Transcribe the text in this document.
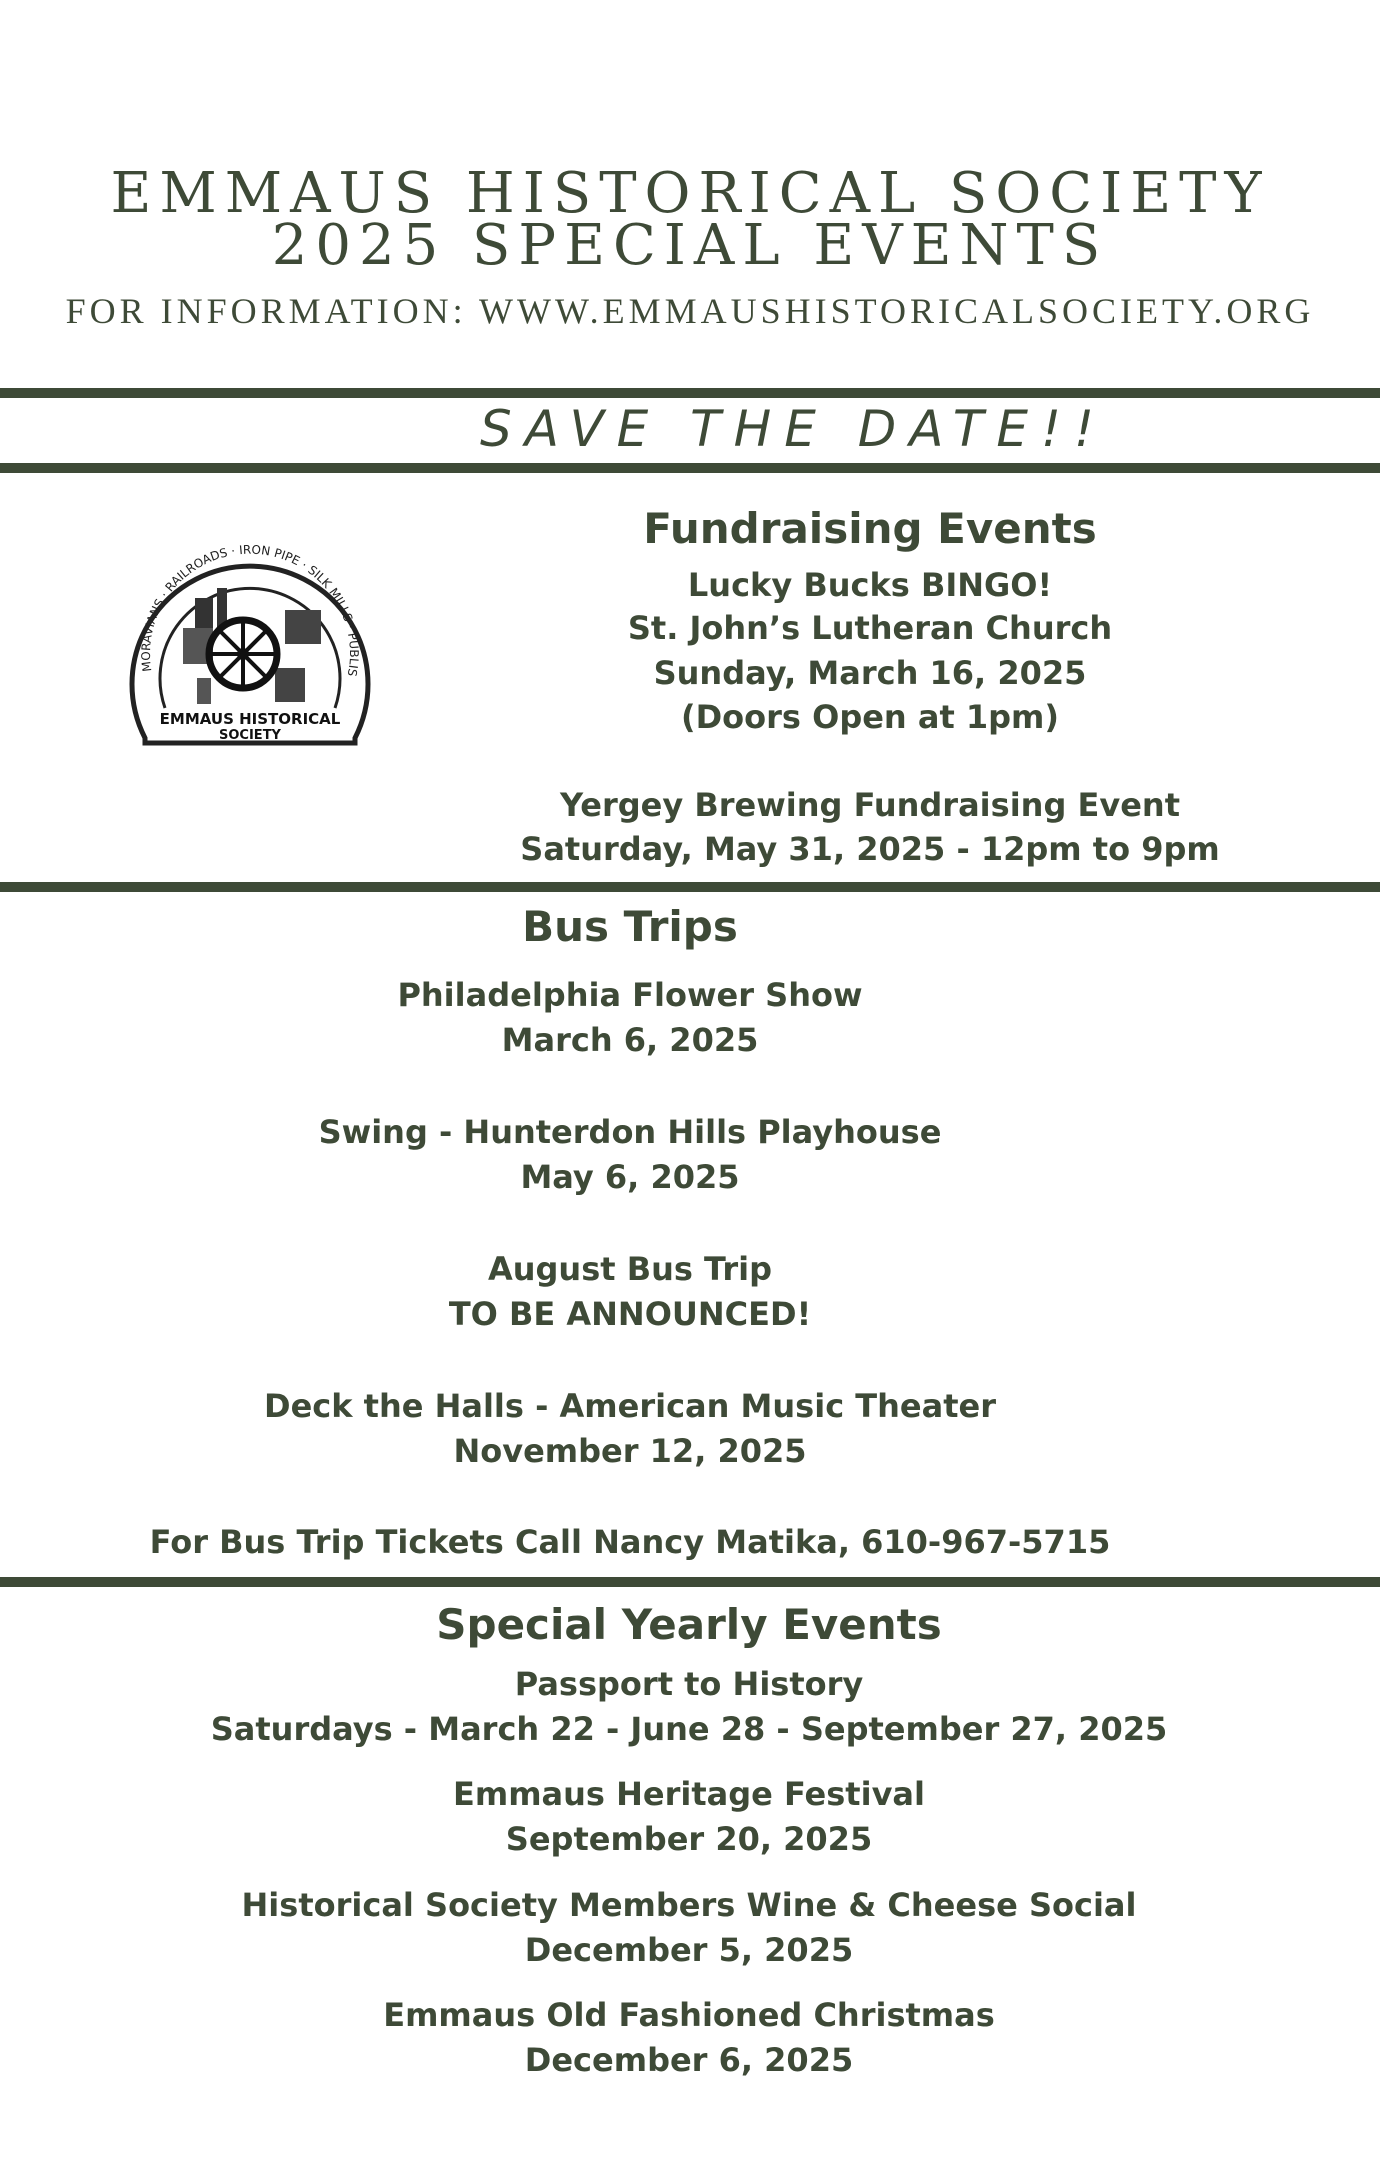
EMMAUS HISTORICAL SOCIETY
2025 SPECIAL EVENTS
FOR INFORMATION: WWW.EMMAUSHISTORICALSOCIETY.ORG
SAVE THE DATE!!
MORAVIANS · RAILROADS · IRON PIPE · SILK MILLS · PUBLIS
EMMAUS HISTORICAL
SOCIETY
Fundraising Events
Lucky Bucks BINGO!
St. John’s Lutheran Church
Sunday, March 16, 2025
(Doors Open at 1pm)
Yergey Brewing Fundraising Event
Saturday, May 31, 2025 - 12pm to 9pm
Bus Trips
Philadelphia Flower Show
March 6, 2025
Swing - Hunterdon Hills Playhouse
May 6, 2025
August Bus Trip
TO BE ANNOUNCED!
Deck the Halls - American Music Theater
November 12, 2025
For Bus Trip Tickets Call Nancy Matika, 610-967-5715
Special Yearly Events
Passport to History
Saturdays - March 22 - June 28 - September 27, 2025
Emmaus Heritage Festival
September 20, 2025
Historical Society Members Wine & Cheese Social
December 5, 2025
Emmaus Old Fashioned Christmas
December 6, 2025
